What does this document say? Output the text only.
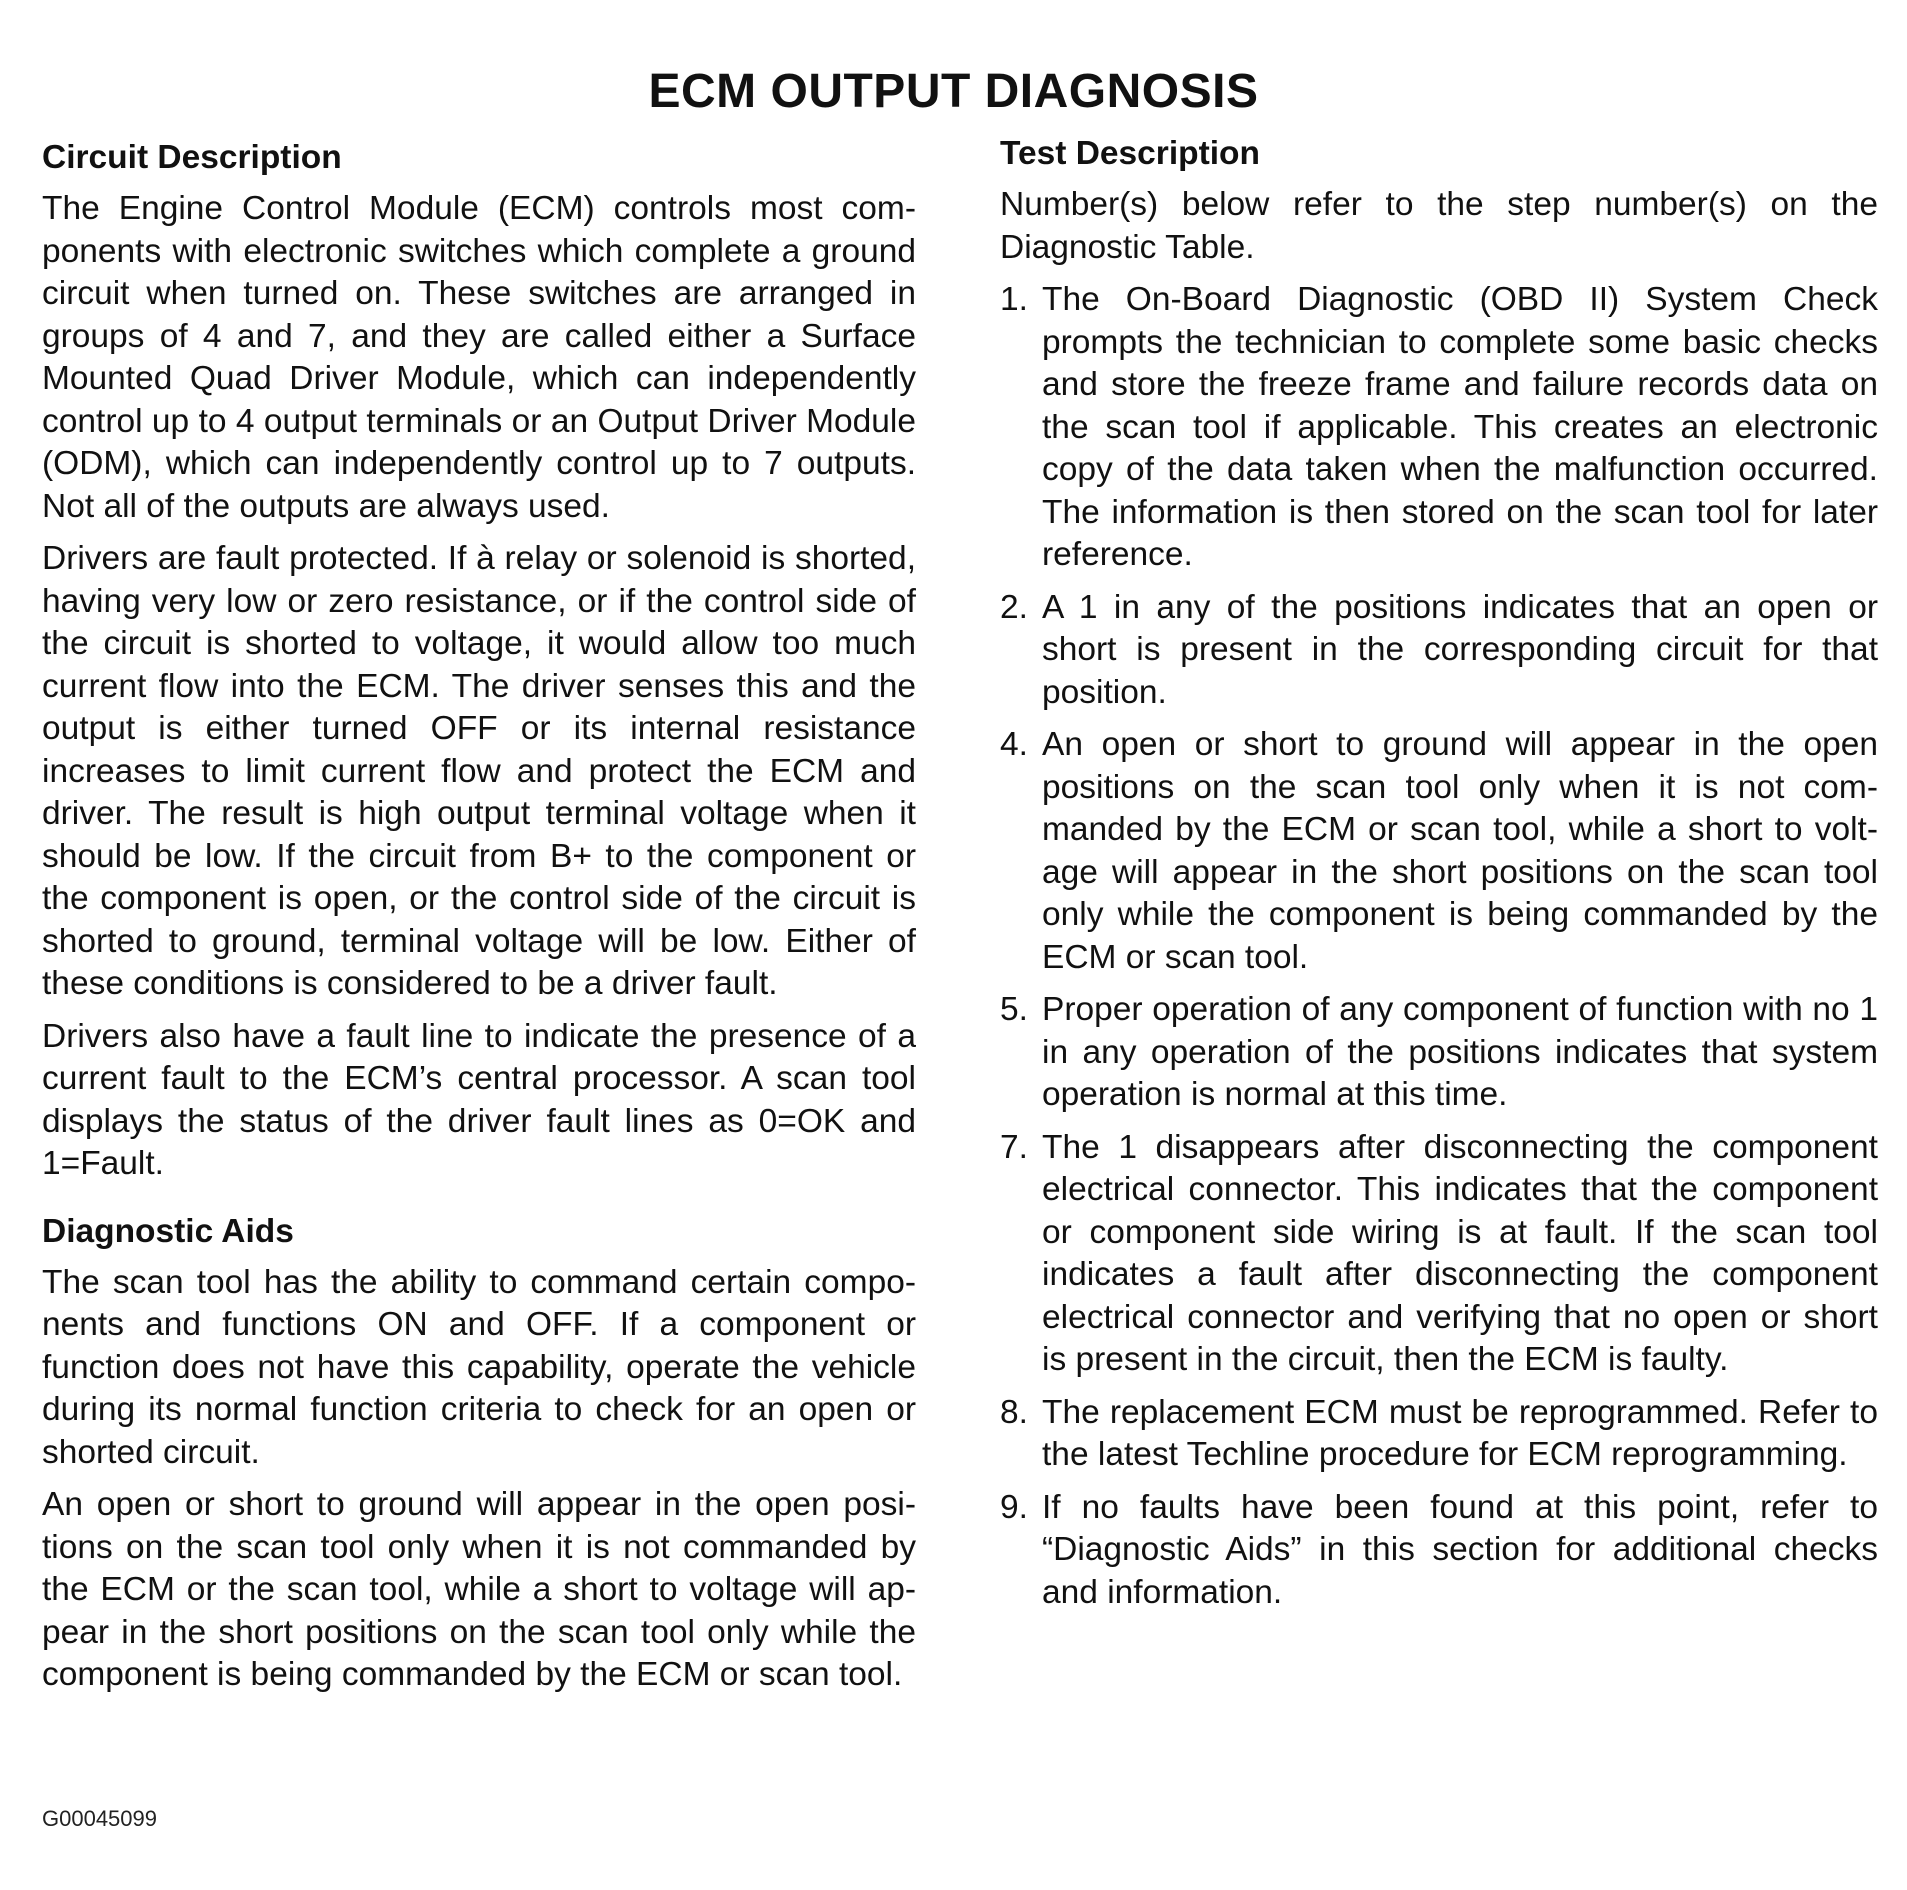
ECM OUTPUT DIAGNOSIS
Circuit Description

The Engine Control Module (ECM) controls most components with electronic switches which complete a ground circuit when turned on. These switches are arranged in groups of 4 and 7, and they are called either a Surface Mounted Quad Driver Module, which can independently control up to 4 output terminals or an Output Driver Module (ODM), which can independently control up to 7 outputs. Not all of the outputs are always used.

Drivers are fault protected. If à relay or solenoid is shorted, having very low or zero resistance, or if the control side of the circuit is shorted to voltage, it would allow too much current flow into the ECM. The driver senses this and the output is either turned OFF or its internal resistance increases to limit current flow and protect the ECM and driver. The result is high output terminal voltage when it should be low. If the circuit from B+ to the component or the component is open, or the control side of the circuit is shorted to ground, terminal voltage will be low. Either of these conditions is considered to be a driver fault.

Drivers also have a fault line to indicate the presence of a current fault to the ECM’s central processor. A scan tool displays the status of the driver fault lines as 0=OK and 1=Fault.

Diagnostic Aids

The scan tool has the ability to command certain components and functions ON and OFF. If a component or function does not have this capability, operate the vehicle during its normal function criteria to check for an open or shorted circuit.

An open or short to ground will appear in the open positions on the scan tool only when it is not commanded by the ECM or the scan tool, while a short to voltage will appear in the short positions on the scan tool only while the component is being commanded by the ECM or scan tool.

Test Description

Number(s) below refer to the step number(s) on the Diagnostic Table.

1. The On-Board Diagnostic (OBD II) System Check prompts the technician to complete some basic checks and store the freeze frame and failure records data on the scan tool if applicable. This creates an electronic copy of the data taken when the malfunction occurred. The information is then stored on the scan tool for later reference.
2. A 1 in any of the positions indicates that an open or short is present in the corresponding circuit for that position.
4. An open or short to ground will appear in the open positions on the scan tool only when it is not commanded by the ECM or scan tool, while a short to voltage will appear in the short positions on the scan tool only while the component is being commanded by the ECM or scan tool.
5. Proper operation of any component of function with no 1 in any operation of the positions indicates that system operation is normal at this time.
7. The 1 disappears after disconnecting the component electrical connector. This indicates that the component or component side wiring is at fault. If the scan tool indicates a fault after disconnecting the component electrical connector and verifying that no open or short is present in the circuit, then the ECM is faulty.
8. The replacement ECM must be reprogrammed. Refer to the latest Techline procedure for ECM reprogramming.
9. If no faults have been found at this point, refer to “Diagnostic Aids” in this section for additional checks and information.
G00045099
